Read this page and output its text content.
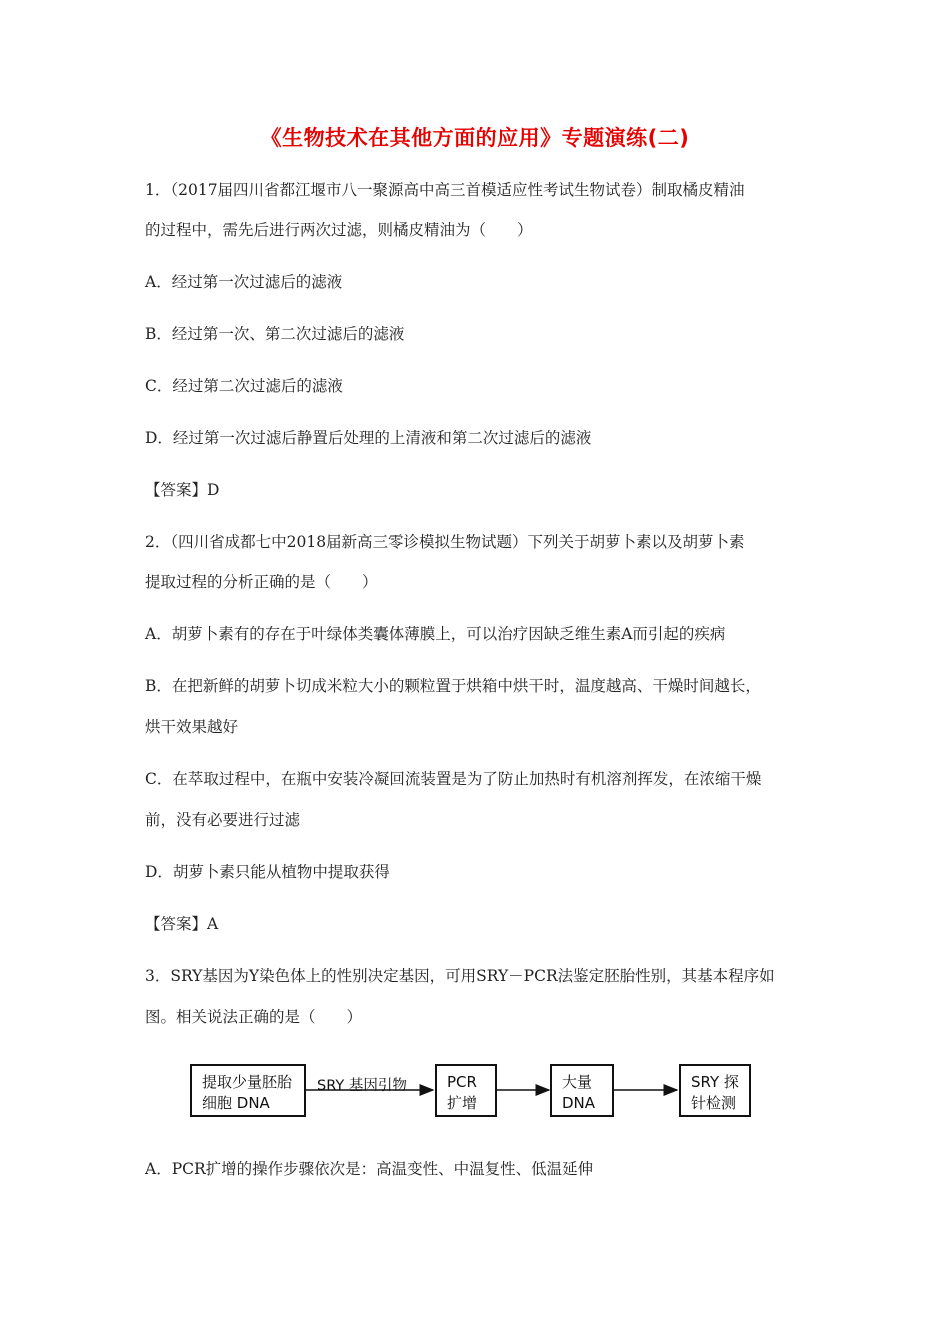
《生物技术在其他方面的应用》专题演练(二)
1．（2017届四川省都江堰市八一聚源高中高三首模适应性考试生物试卷）制取橘皮精油
的过程中，需先后进行两次过滤，则橘皮精油为（　　）
A．经过第一次过滤后的滤液
B．经过第一次、第二次过滤后的滤液
C．经过第二次过滤后的滤液
D．经过第一次过滤后静置后处理的上清液和第二次过滤后的滤液
【答案】D
2．（四川省成都七中2018届新高三零诊模拟生物试题）下列关于胡萝卜素以及胡萝卜素
提取过程的分析正确的是（　　）
A．胡萝卜素有的存在于叶绿体类囊体薄膜上，可以治疗因缺乏维生素A而引起的疾病
B．在把新鲜的胡萝卜切成米粒大小的颗粒置于烘箱中烘干时，温度越高、干燥时间越长，
烘干效果越好
C．在萃取过程中，在瓶中安装冷凝回流装置是为了防止加热时有机溶剂挥发，在浓缩干燥
前，没有必要进行过滤
D．胡萝卜素只能从植物中提取获得
【答案】A
3．SRY基因为Y染色体上的性别决定基因，可用SRY－PCR法鉴定胚胎性别，其基本程序如
图。相关说法正确的是（　　）
提取少量胚胎
细胞 DNA
SRY 基因引物	PCR
扩增
大量
DNA
SRY 探
针检测
A．PCR扩增的操作步骤依次是：高温变性、中温复性、低温延伸
